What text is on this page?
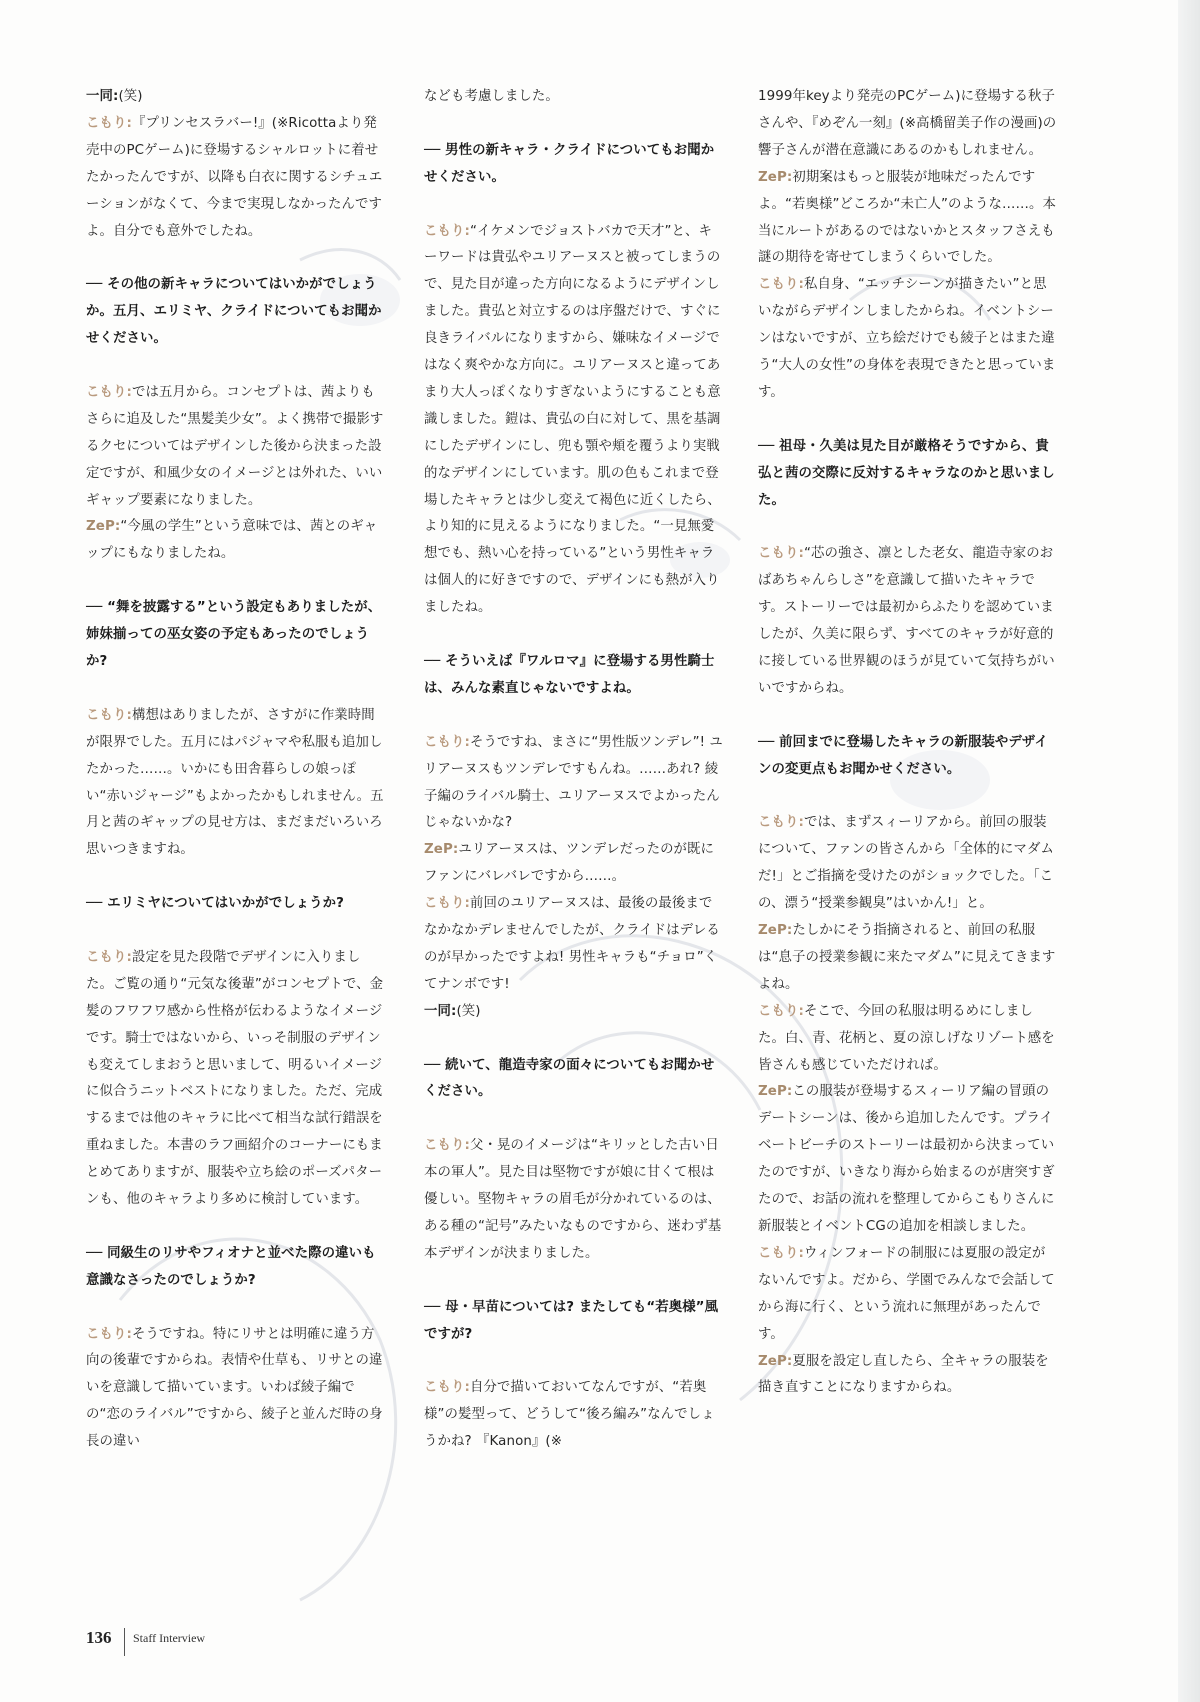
一同:(笑)
こもり:『プリンセスラバー!』(※Ricottaより発売中のPCゲーム)に登場するシャルロットに着せたかったんですが、以降も白衣に関するシチュエーションがなくて、今まで実現しなかったんですよ。自分でも意外でしたね。
── その他の新キャラについてはいかがでしょうか。五月、エリミヤ、クライドについてもお聞かせください。
こもり:では五月から。コンセプトは、茜よりもさらに追及した“黒髪美少女”。よく携帯で撮影するクセについてはデザインした後から決まった設定ですが、和風少女のイメージとは外れた、いいギャップ要素になりました。
ZeP:“今風の学生”という意味では、茜とのギャップにもなりましたね。
── “舞を披露する”という設定もありましたが、姉妹揃っての巫女姿の予定もあったのでしょうか?
こもり:構想はありましたが、さすがに作業時間が限界でした。五月にはパジャマや私服も追加したかった……。いかにも田舎暮らしの娘っぽい“赤いジャージ”もよかったかもしれません。五月と茜のギャップの見せ方は、まだまだいろいろ思いつきますね。
── エリミヤについてはいかがでしょうか?
こもり:設定を見た段階でデザインに入りました。ご覧の通り“元気な後輩”がコンセプトで、金髪のフワフワ感から性格が伝わるようなイメージです。騎士ではないから、いっそ制服のデザインも変えてしまおうと思いまして、明るいイメージに似合うニットベストになりました。ただ、完成するまでは他のキャラに比べて相当な試行錯誤を重ねました。本書のラフ画紹介のコーナーにもまとめてありますが、服装や立ち絵のポーズパターンも、他のキャラより多めに検討しています。
── 同級生のリサやフィオナと並べた際の違いも意識なさったのでしょうか?
こもり:そうですね。特にリサとは明確に違う方向の後輩ですからね。表情や仕草も、リサとの違いを意識して描いています。いわば綾子編での“恋のライバル”ですから、綾子と並んだ時の身長の違い
なども考慮しました。
── 男性の新キャラ・クライドについてもお聞かせください。
こもり:“イケメンでジョストバカで天才”と、キーワードは貴弘やユリアーヌスと被ってしまうので、見た目が違った方向になるようにデザインしました。貴弘と対立するのは序盤だけで、すぐに良きライバルになりますから、嫌味なイメージではなく爽やかな方向に。ユリアーヌスと違ってあまり大人っぽくなりすぎないようにすることも意識しました。鎧は、貴弘の白に対して、黒を基調にしたデザインにし、兜も顎や頬を覆うより実戦的なデザインにしています。肌の色もこれまで登場したキャラとは少し変えて褐色に近くしたら、より知的に見えるようになりました。“一見無愛想でも、熱い心を持っている”という男性キャラは個人的に好きですので、デザインにも熱が入りましたね。
── そういえば『ワルロマ』に登場する男性騎士は、みんな素直じゃないですよね。
こもり:そうですね、まさに“男性版ツンデレ”! ユリアーヌスもツンデレですもんね。……あれ? 綾子編のライバル騎士、ユリアーヌスでよかったんじゃないかな?
ZeP:ユリアーヌスは、ツンデレだったのが既にファンにバレバレですから……。
こもり:前回のユリアーヌスは、最後の最後までなかなかデレませんでしたが、クライドはデレるのが早かったですよね! 男性キャラも“チョロ”くてナンボです!
一同:(笑)
── 続いて、龍造寺家の面々についてもお聞かせください。
こもり:父・晃のイメージは“キリッとした古い日本の軍人”。見た目は堅物ですが娘に甘くて根は優しい。堅物キャラの眉毛が分かれているのは、ある種の“記号”みたいなものですから、迷わず基本デザインが決まりました。
── 母・早苗については? またしても“若奥様”風ですが?
こもり:自分で描いておいてなんですが、“若奥様”の髪型って、どうして“後ろ編み”なんでしょうかね? 『Kanon』(※
1999年keyより発売のPCゲーム)に登場する秋子さんや、『めぞん一刻』(※高橋留美子作の漫画)の響子さんが潜在意識にあるのかもしれません。
ZeP:初期案はもっと服装が地味だったんですよ。“若奥様”どころか“未亡人”のような……。本当にルートがあるのではないかとスタッフさえも謎の期待を寄せてしまうくらいでした。
こもり:私自身、“エッチシーンが描きたい”と思いながらデザインしましたからね。イベントシーンはないですが、立ち絵だけでも綾子とはまた違う“大人の女性”の身体を表現できたと思っています。
── 祖母・久美は見た目が厳格そうですから、貴弘と茜の交際に反対するキャラなのかと思いました。
こもり:“芯の強さ、凛とした老女、龍造寺家のおばあちゃんらしさ”を意識して描いたキャラです。ストーリーでは最初からふたりを認めていましたが、久美に限らず、すべてのキャラが好意的に接している世界観のほうが見ていて気持ちがいいですからね。
── 前回までに登場したキャラの新服装やデザインの変更点もお聞かせください。
こもり:では、まずスィーリアから。前回の服装について、ファンの皆さんから「全体的にマダムだ!」とご指摘を受けたのがショックでした。「この、漂う“授業参観臭”はいかん!」と。
ZeP:たしかにそう指摘されると、前回の私服は“息子の授業参観に来たマダム”に見えてきますよね。
こもり:そこで、今回の私服は明るめにしました。白、青、花柄と、夏の涼しげなリゾート感を皆さんも感じていただければ。
ZeP:この服装が登場するスィーリア編の冒頭のデートシーンは、後から追加したんです。プライベートビーチのストーリーは最初から決まっていたのですが、いきなり海から始まるのが唐突すぎたので、お話の流れを整理してからこもりさんに新服装とイベントCGの追加を相談しました。
こもり:ウィンフォードの制服には夏服の設定がないんですよ。だから、学園でみんなで会話してから海に行く、という流れに無理があったんです。
ZeP:夏服を設定し直したら、全キャラの服装を描き直すことになりますからね。
136 Staff Interview
